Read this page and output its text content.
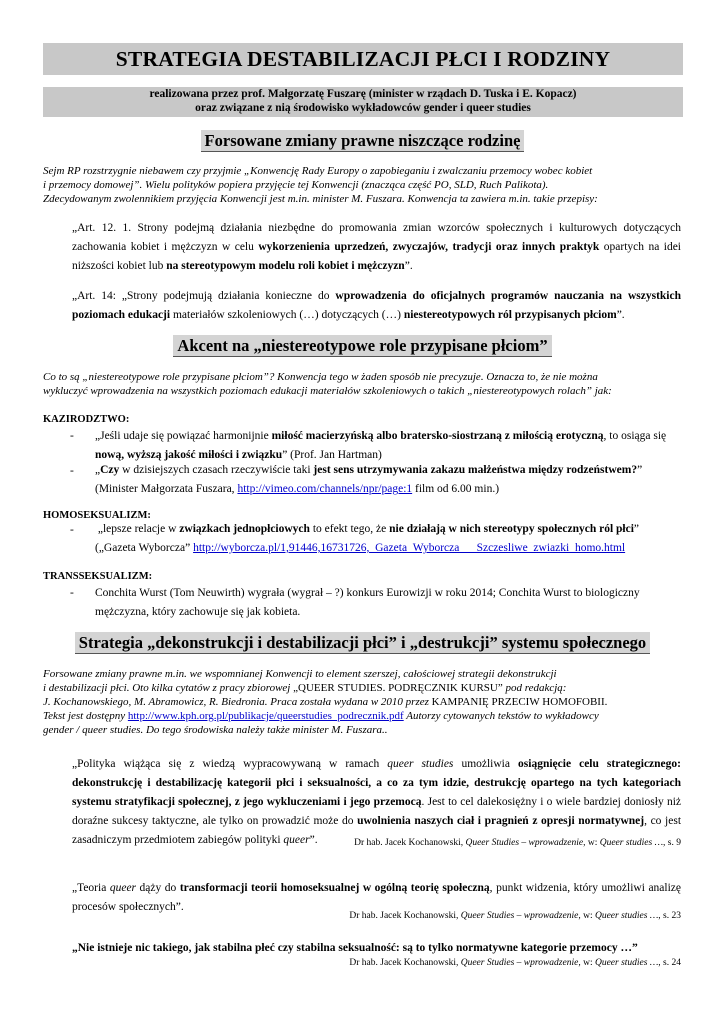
STRATEGIA DESTABILIZACJI PŁCI I RODZINY
realizowana przez prof. Małgorzatę Fuszarę (minister w rządach D. Tuska i E. Kopacz)
oraz związane z nią środowisko wykładowców gender i queer studies
Forsowane zmiany prawne niszczące rodzinę
Sejm RP rozstrzygnie niebawem czy przyjmie „Konwencję Rady Europy o zapobieganiu i zwalczaniu przemocy wobec kobiet
i przemocy domowej”. Wielu polityków popiera przyjęcie tej Konwencji (znacząca część PO, SLD, Ruch Palikota).
Zdecydowanym zwolennikiem przyjęcia Konwencji jest m.in. minister M. Fuszara. Konwencja ta zawiera m.in. takie przepisy:
„Art. 12. 1. Strony podejmą działania niezbędne do promowania zmian wzorców społecznych i kulturowych dotyczących zachowania kobiet i mężczyzn w celu wykorzenienia uprzedzeń, zwyczajów, tradycji oraz innych praktyk opartych na idei niższości kobiet lub na stereotypowym modelu roli kobiet i mężczyzn”.
„Art. 14: „Strony podejmują działania konieczne do wprowadzenia do oficjalnych programów nauczania na wszystkich poziomach edukacji materiałów szkoleniowych (…) dotyczących (…) niestereotypowych ról przypisanych płciom”.
Akcent na „niestereotypowe role przypisane płciom”
Co to są „niestereotypowe role przypisane płciom”? Konwencja tego w żaden sposób nie precyzuje. Oznacza to, że nie można
wykluczyć wprowadzenia na wszystkich poziomach edukacji materiałów szkoleniowych o takich „niestereotypowych rolach” jak:
KAZIRODZTWO:
- „Jeśli udaje się powiązać harmonijnie miłość macierzyńską albo bratersko-siostrzaną z miłością erotyczną, to osiąga się nową, wyższą jakość miłości i związku” (Prof. Jan Hartman)
- „Czy w dzisiejszych czasach rzeczywiście taki jest sens utrzymywania zakazu małżeństwa między rodzeństwem?”
(Minister Małgorzata Fuszara, http://vimeo.com/channels/npr/page:1 film od 6.00 min.)
HOMOSEKSUALIZM:
- „lepsze relacje w związkach jednopłciowych to efekt tego, że nie działają w nich stereotypy społecznych ról płci”
(„Gazeta Wyborcza” http://wyborcza.pl/1,91446,16731726,_Gazeta_Wyborcza___Szczesliwe_zwiazki_homo.html
TRANSSEKSUALIZM:
- Conchita Wurst (Tom Neuwirth) wygrała (wygrał – ?) konkurs Eurowizji w roku 2014; Conchita Wurst to biologiczny
mężczyzna, który zachowuje się jak kobieta.
Strategia „dekonstrukcji i destabilizacji płci” i „destrukcji” systemu społecznego
Forsowane zmiany prawne m.in. we wspomnianej Konwencji to element szerszej, całościowej strategii dekonstrukcji
i destabilizacji płci. Oto kilka cytatów z pracy zbiorowej „QUEER STUDIES. PODRĘCZNIK KURSU” pod redakcją:
J. Kochanowskiego, M. Abramowicz, R. Biedronia. Praca została wydana w 2010 przez KAMPANIĘ PRZECIW HOMOFOBII.
Tekst jest dostępny http://www.kph.org.pl/publikacje/queerstudies_podrecznik.pdf Autorzy cytowanych tekstów to wykładowcy
gender / queer studies. Do tego środowiska należy także minister M. Fuszara..
„Polityka wiążąca się z wiedzą wypracowywaną w ramach queer studies umożliwia osiągnięcie celu strategicznego: dekonstrukcję i destabilizację kategorii płci i seksualności, a co za tym idzie, destrukcję opartego na tych kategoriach systemu stratyfikacji społecznej, z jego wykluczeniami i jego przemocą. Jest to cel dalekosiężny i o wiele bardziej doniosły niż doraźne sukcesy taktyczne, ale tylko on prowadzić może do uwolnienia naszych ciał i pragnień z opresji normatywnej, co jest zasadniczym przedmiotem zabiegów polityki queer”.	Dr hab. Jacek Kochanowski, Queer Studies – wprowadzenie, w: Queer studies …, s. 9
„Teoria queer dąży do transformacji teorii homoseksualnej w ogólną teorię społeczną, punkt widzenia, który umożliwi analizę procesów społecznych”.
Dr hab. Jacek Kochanowski, Queer Studies – wprowadzenie, w: Queer studies …, s. 23
„Nie istnieje nic takiego, jak stabilna płeć czy stabilna seksualność: są to tylko normatywne kategorie przemocy …”
Dr hab. Jacek Kochanowski, Queer Studies – wprowadzenie, w: Queer studies …, s. 24
